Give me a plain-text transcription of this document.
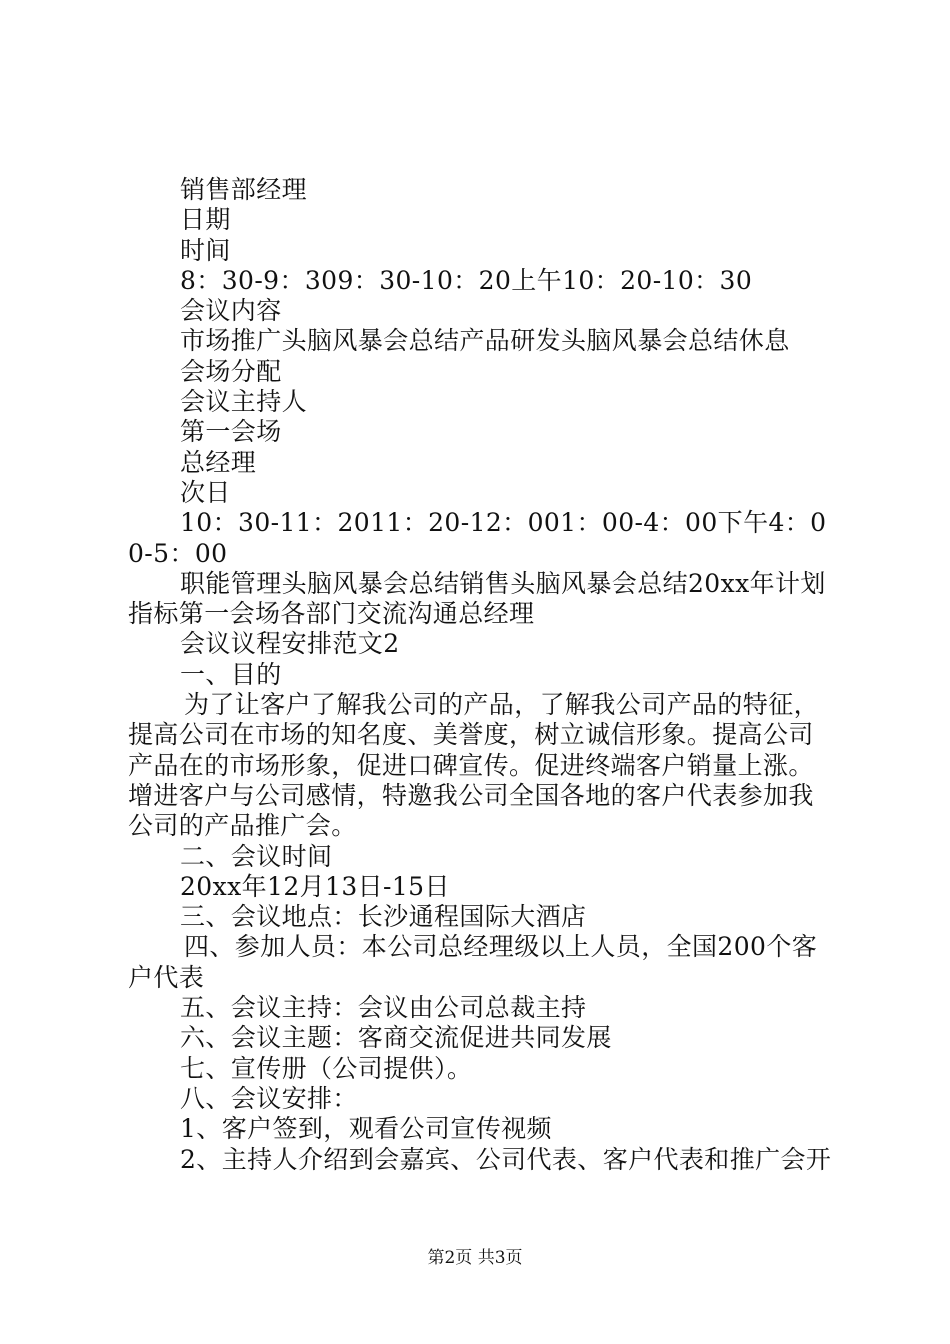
销售部经理

日期

时间

8：30-9：309：30-10：20上午10：20-10：30

会议内容

市场推广头脑风暴会总结产品研发头脑风暴会总结休息

会场分配

会议主持人

第一会场

总经理

次日

10：30-11：2011：20-12：001：00-4：00下午4：00-5：00

职能管理头脑风暴会总结销售头脑风暴会总结20xx年计划指标第一会场各部门交流沟通总经理

会议议程安排范文2

一、目的

为了让客户了解我公司的产品，了解我公司产品的特征，提高公司在市场的知名度、美誉度，树立诚信形象。提高公司产品在的市场形象，促进口碑宣传。促进终端客户销量上涨。增进客户与公司感情，特邀我公司全国各地的客户代表参加我公司的产品推广会。

二、会议时间

20xx年12月13日-15日

三、会议地点：长沙通程国际大酒店

四、参加人员：本公司总经理级以上人员，全国200个客户代表

五、会议主持：会议由公司总裁主持

六、会议主题：客商交流促进共同发展

七、宣传册（公司提供）。

八、会议安排：

1、客户签到，观看公司宣传视频

2、主持人介绍到会嘉宾、公司代表、客户代表和推广会开

第2页 共3页
